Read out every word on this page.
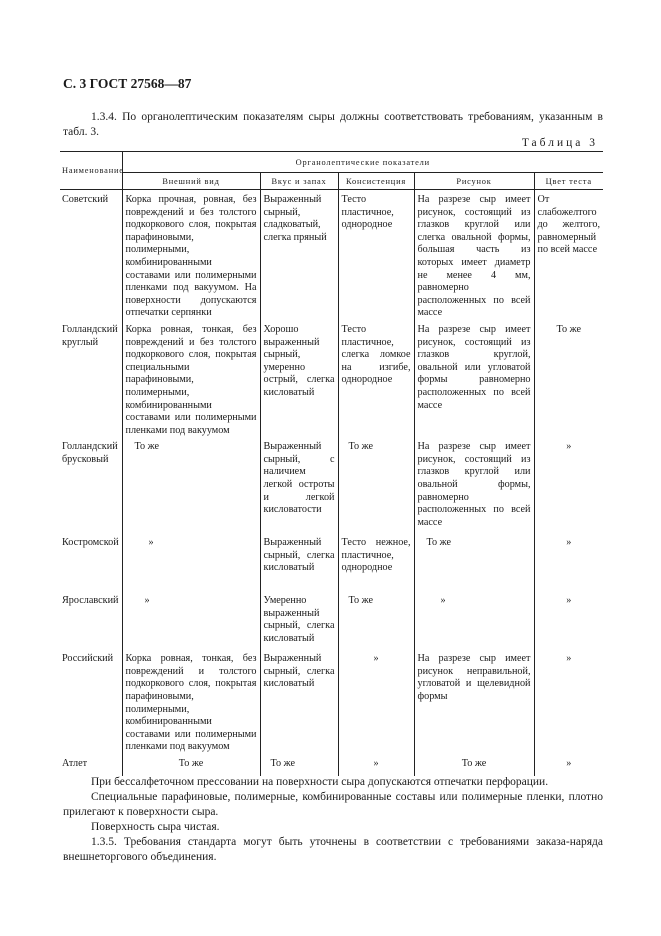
С. 3 ГОСТ 27568—87
1.3.4. По органолептическим показателям сыры должны соответствовать требованиям, указанным в табл. 3.
Таблица 3
Наименование	Органолептические показатели				
	Внешний вид	Вкус и запах	Консистенция	Рисунок	Цвет теста
Советский	Корка прочная, ровная, без повреждений и без толстого подкоркового слоя, покрытая парафиновыми, полимерными, комбинированными составами или полимерными пленками под вакуумом. На поверхности допускаются отпечатки серпянки	Выраженный сырный, сладковатый, слегка пряный	Тесто пластичное, однородное	На разрезе сыр имеет рисунок, состоящий из глазков круглой или слегка овальной формы, большая часть из которых имеет диаметр не менее 4 мм, равномерно расположенных по всей массе	От слабожелтого до желтого, равномерный по всей массе
Голландский круглый	Корка ровная, тонкая, без повреждений и без толстого подкоркового слоя, покрытая специальными парафиновыми, полимерными, комбинированными составами или полимерными пленками под вакуумом	Хорошо выраженный сырный, умеренно острый, слегка кисловатый	Тесто пластичное, слегка ломкое на изгибе, однородное	На разрезе сыр имеет рисунок, состоящий из глазков круглой, овальной или угловатой формы равномерно расположенных по всей массе	То же
Голландский брусковый	То же	Выраженный сырный, с наличием легкой остроты и легкой кисловатости	То же	На разрезе сыр имеет рисунок, состоящий из глазков круглой или овальной формы, равномерно расположенных по всей массе	»
Костромской	»	Выраженный сырный, слегка кисловатый	Тесто нежное, пластичное, однородное	То же	»
Ярославский	»	Умеренно выраженный сырный, слегка кисловатый	То же	»	»
Российский	Корка ровная, тонкая, без повреждений и толстого подкоркового слоя, покрытая парафиновыми, полимерными, комбинированными составами или полимерными пленками под вакуумом	Выраженный сырный, слегка кисловатый	»	На разрезе сыр имеет рисунок неправильной, угловатой и щелевидной формы	»
Атлет	То же	То же	»	То же	»

При бессалфеточном прессовании на поверхности сыра допускаются отпечатки перфорации.

Специальные парафиновые, полимерные, комбинированные составы или полимерные пленки, плотно прилегают к поверхности сыра.

Поверхность сыра чистая.

1.3.5. Требования стандарта могут быть уточнены в соответствии с требованиями заказа-наряда внешнеторгового объединения.
